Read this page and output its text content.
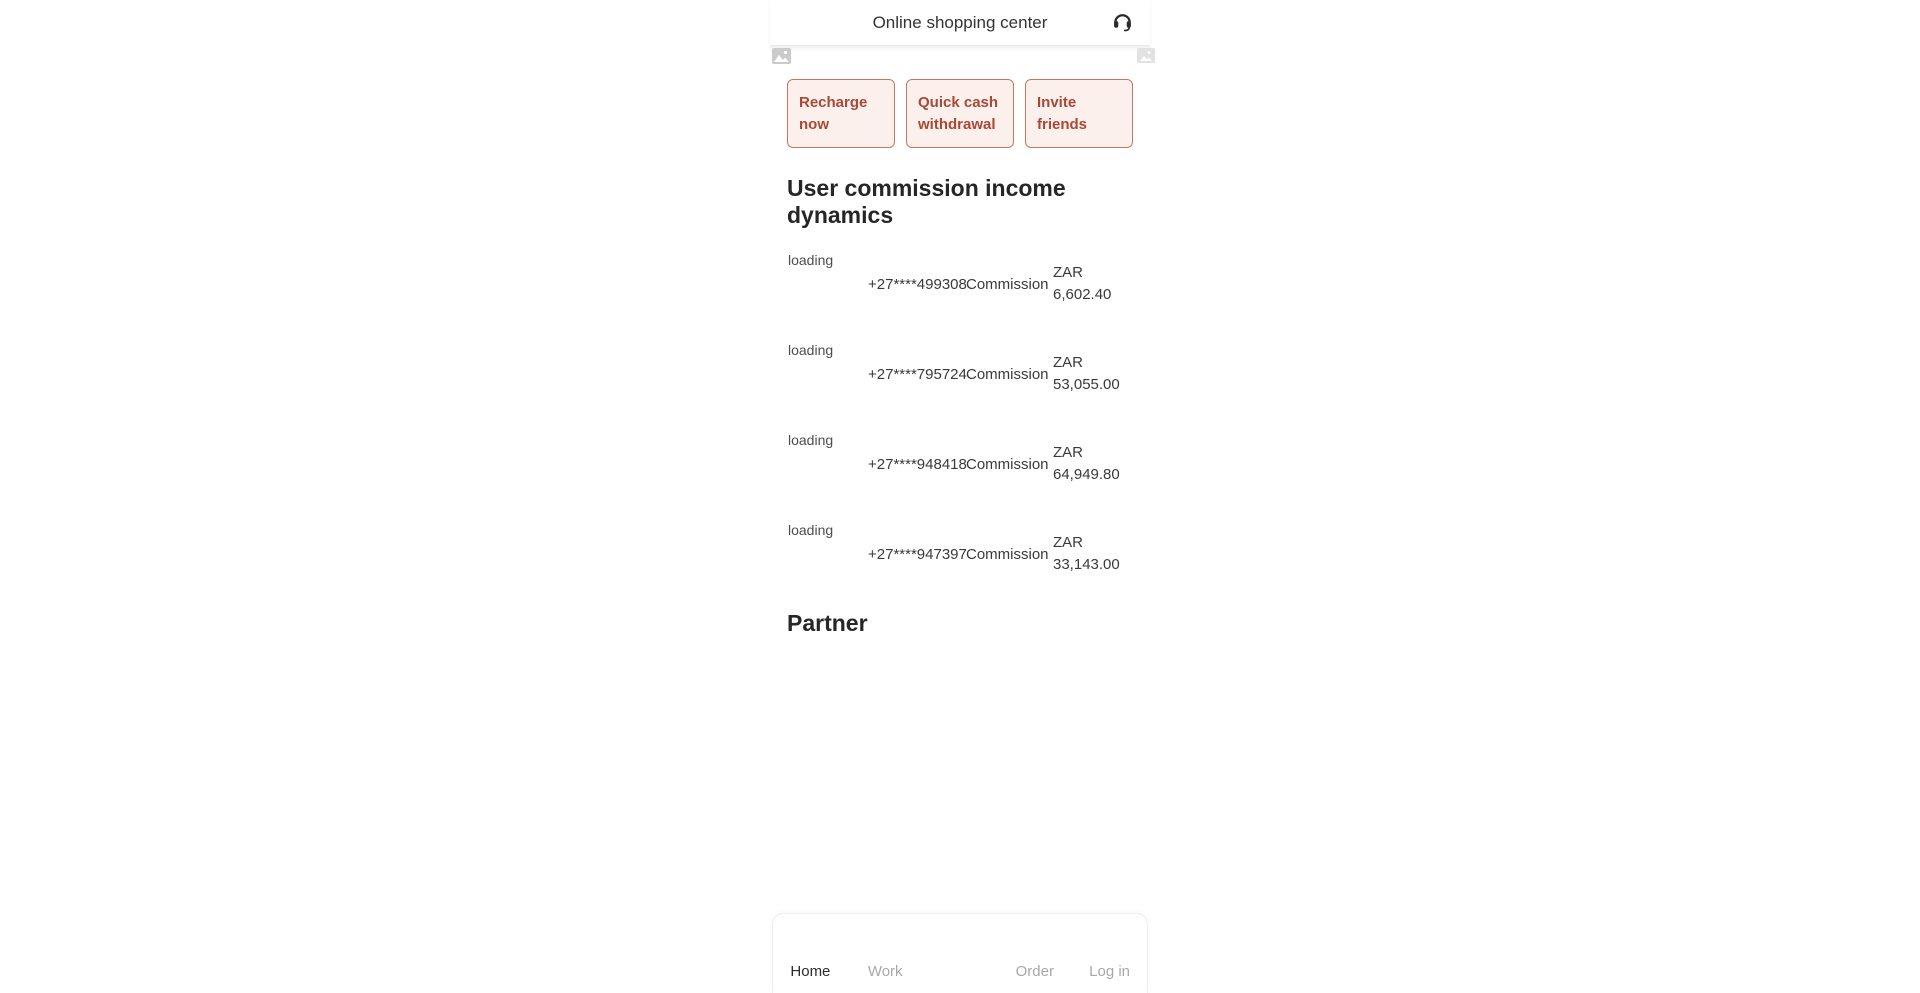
Online shopping center
Recharge now
Quick cash withdrawal
Invite friends
User commission income dynamics
loading
+27****499308 Commission
ZAR
6,602.40
loading
+27****795724 Commission
ZAR
53,055.00
loading
+27****948418 Commission
ZAR
64,949.80
loading
+27****947397 Commission
ZAR
33,143.00
Partner
Home Work	Order Log in
